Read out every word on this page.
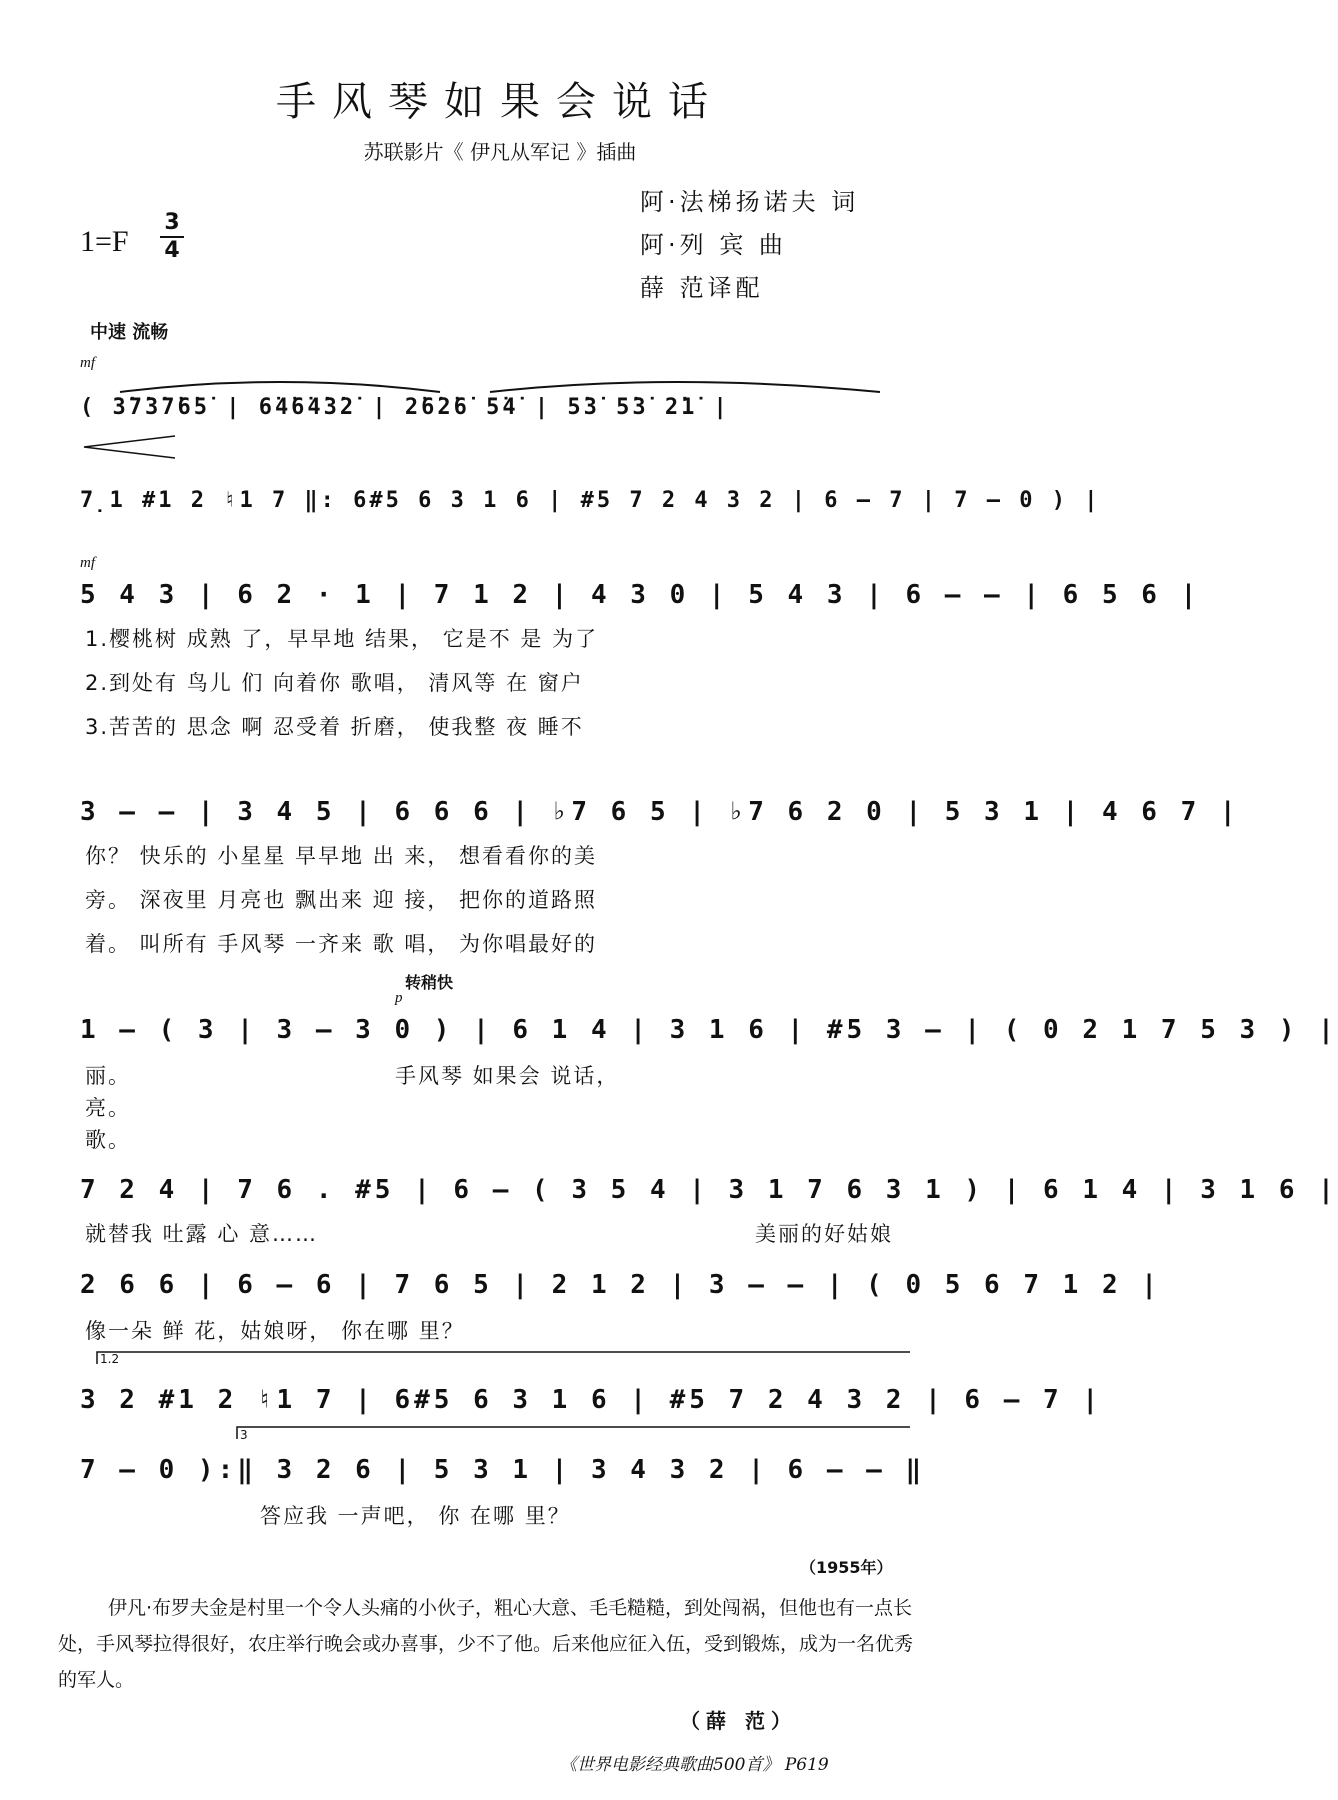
手风琴如果会说话
苏联影片《 伊凡从军记 》插曲
阿·法梯扬诺夫 词
阿·列 宾 曲
薛 范译配
1=F
3
4
中速 流畅
mf
( 3̇7̇3̇7̇6̇5̇ | 6̇4̇6̇4̇3̇2̇ | 2̇6̇2̇6̇ 5̇4̇ | 5̇3̇ 5̇3̇ 2̇1̇ |
7̣1 #1 2 ♮1 7 ‖: 6#5 6 3 1 6 | #5 7 2 4 3 2 | 6 – 7 | 7 – 0 ) |
mf
5 4 3 | 6 2 · 1 | 7 1 2 | 4 3 0 | 5 4 3 | 6 – – | 6 5 6 |
1.樱桃树 成熟 了，早早地 结果， 它是不 是 为了
2.到处有 鸟儿 们 向着你 歌唱， 清风等 在 窗户
3.苦苦的 思念 啊 忍受着 折磨， 使我整 夜 睡不
3 – – | 3 4 5 | 6 6 6 | ♭7 6 5 | ♭7 6 2 0 | 5 3 1 | 4 6 7 |
你？ 快乐的 小星星 早早地 出 来， 想看看你的美
旁。 深夜里 月亮也 飘出来 迎 接， 把你的道路照
着。 叫所有 手风琴 一齐来 歌 唱， 为你唱最好的
转稍快
p
1 – ( 3 | 3 – 3 0 ) | 6 1 4 | 3 1 6 | #5 3 – | ( 0 2 1 7 5 3 ) |
丽。	手风琴 如果会 说话，
亮。
歌。
7 2 4 | 7 6 . #5 | 6 – ( 3 5 4 | 3 1 7 6 3 1 ) | 6 1 4 | 3 1 6 |
就替我 吐露 心 意……	美丽的好姑娘
2 6 6 | 6 – 6 | 7 6 5 | 2 1 2 | 3 – – | ( 0 5 6 7 1 2 |
像一朵 鲜 花，姑娘呀， 你在哪 里？
1.2
3 2 #1 2 ♮1 7 | 6#5 6 3 1 6 | #5 7 2 4 3 2 | 6 – 7 |
3
7 – 0 ):‖ 3 2 6 | 5 3 1 | 3 4 3 2 | 6 – – ‖
答应我 一声吧， 你 在哪 里？
（1955年）
伊凡·布罗夫金是村里一个令人头痛的小伙子，粗心大意、毛毛糙糙，到处闯祸，但他也有一点长处，手风琴拉得很好，农庄举行晚会或办喜事，少不了他。后来他应征入伍，受到锻炼，成为一名优秀的军人。
（薛 范）
《世界电影经典歌曲500首》 P619
